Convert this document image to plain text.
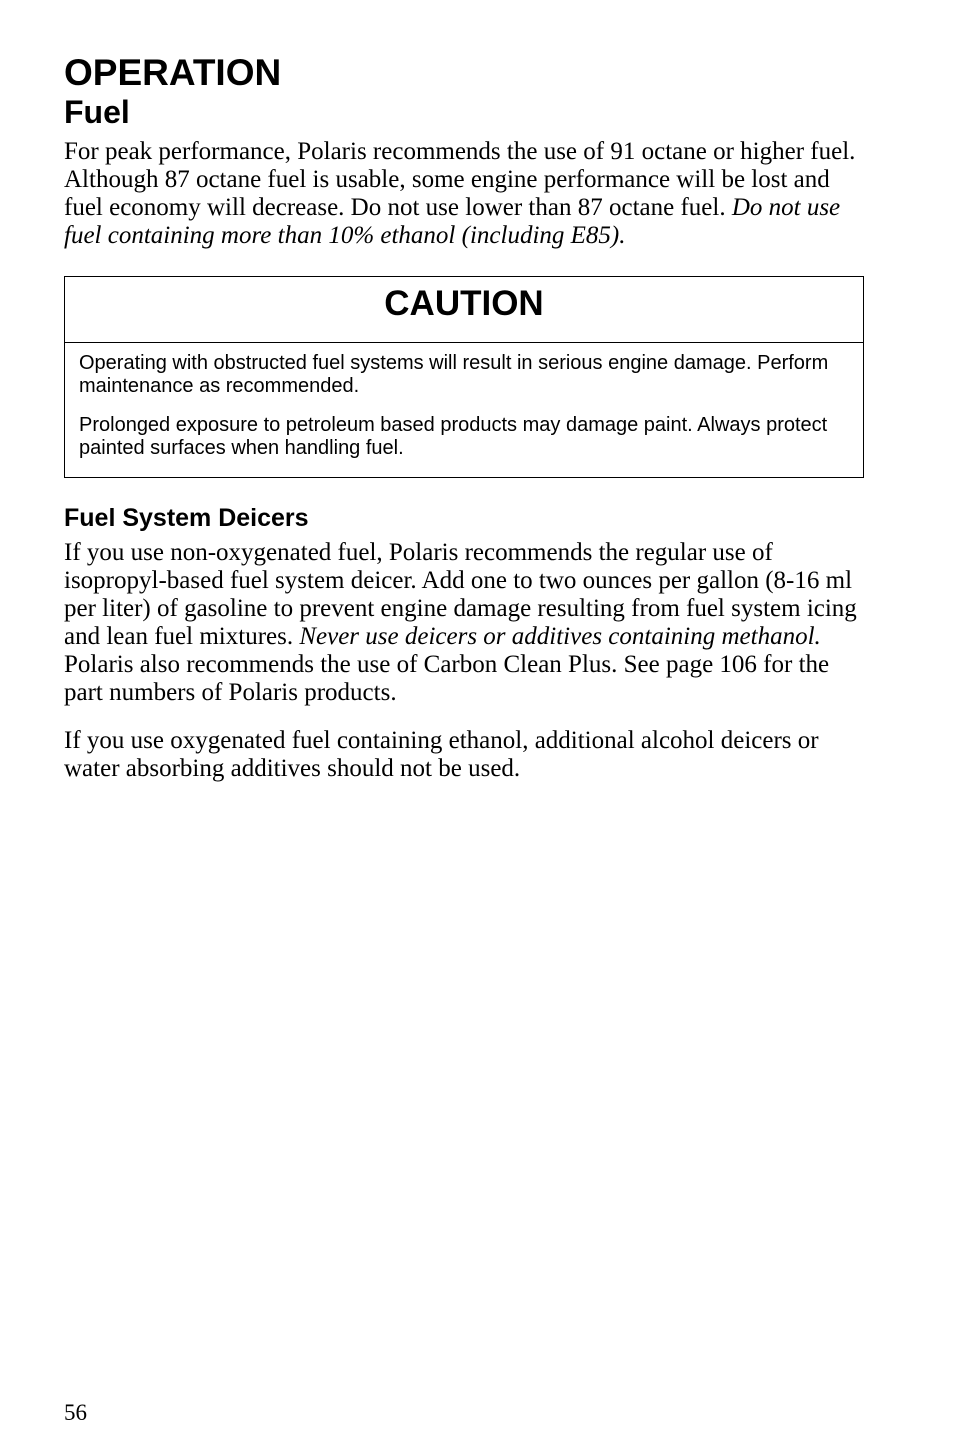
OPERATION
Fuel

For peak performance, Polaris recommends the use of 91 octane or higher fuel. Although 87 octane fuel is usable, some engine performance will be lost and fuel economy will decrease. Do not use lower than 87 octane fuel. Do not use fuel containing more than 10% ethanol (including E85).

CAUTION

Operating with obstructed fuel systems will result in serious engine damage. Perform maintenance as recommended.

Prolonged exposure to petroleum based products may damage paint. Always protect painted surfaces when handling fuel.

Fuel System Deicers

If you use non-oxygenated fuel, Polaris recommends the regular use of isopropyl-based fuel system deicer. Add one to two ounces per gallon (8-16 ml per liter) of gasoline to prevent engine damage resulting from fuel system icing and lean fuel mixtures. Never use deicers or additives containing methanol. Polaris also recommends the use of Carbon Clean Plus. See page 106 for the part numbers of Polaris products.

If you use oxygenated fuel containing ethanol, additional alcohol deicers or water absorbing additives should not be used.

56
